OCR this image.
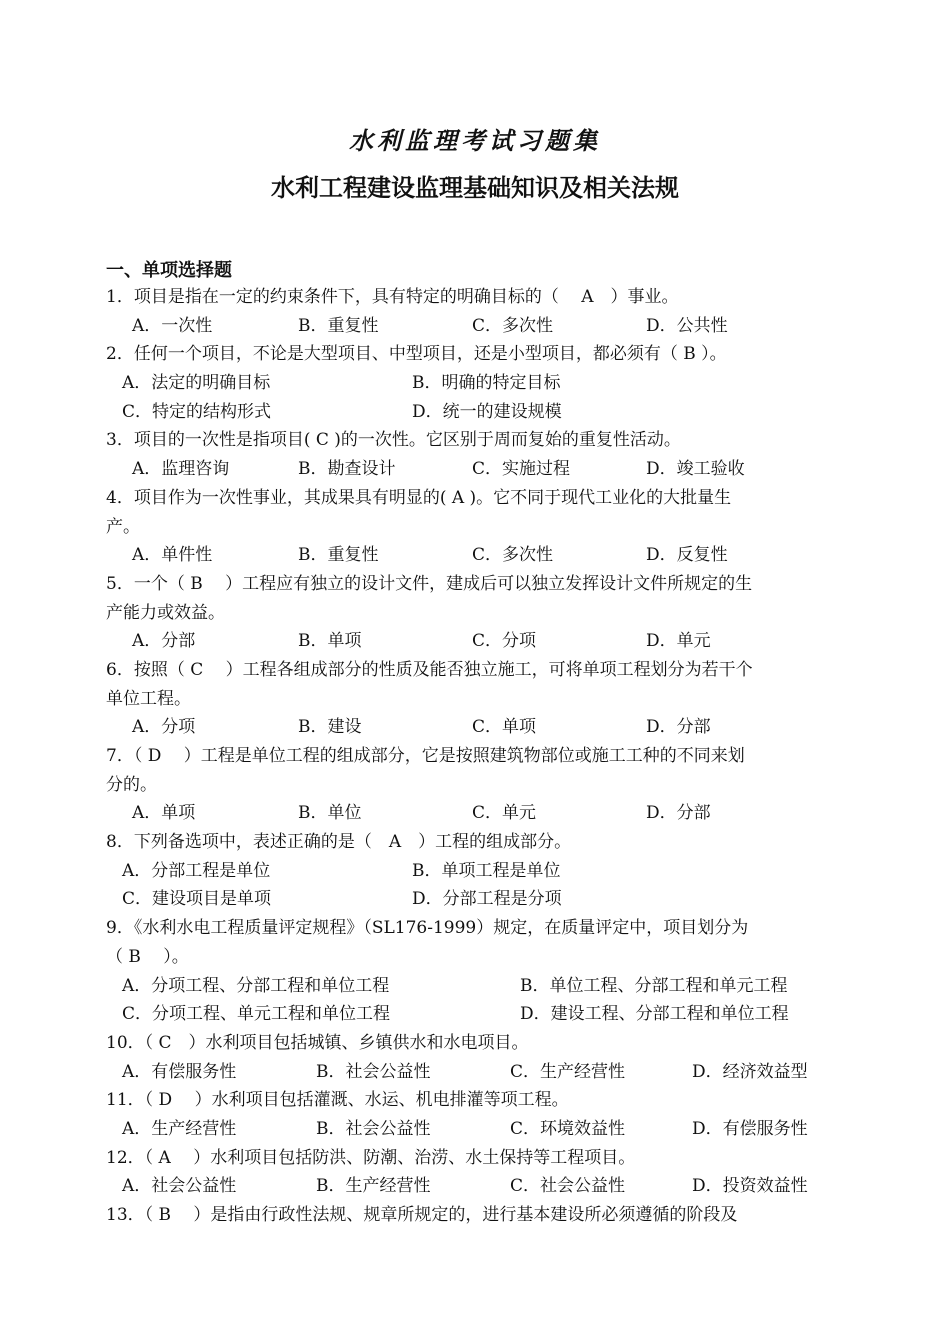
水利监理考试习题集
水利工程建设监理基础知识及相关法规
一、单项选择题
1．项目是指在一定的约束条件下，具有特定的明确目标的（　 A　）事业。
A．一次性	B．重复性	C．多次性	D．公共性
2．任何一个项目，不论是大型项目、中型项目，还是小型项目，都必须有（ B ）。
A．法定的明确目标	B．明确的特定目标
C．特定的结构形式	D．统一的建设规模
3．项目的一次性是指项目( C )的一次性。它区别于周而复始的重复性活动。
A．监理咨询	B．勘查设计	C．实施过程	D．竣工验收
4．项目作为一次性事业，其成果具有明显的( A )。它不同于现代工业化的大批量生
产。
A．单件性	B．重复性	C．多次性	D．反复性
5．一个（ B　 ）工程应有独立的设计文件，建成后可以独立发挥设计文件所规定的生
产能力或效益。
A．分部	B．单项	C．分项	D．单元
6．按照（ C　 ）工程各组成部分的性质及能否独立施工，可将单项工程划分为若干个
单位工程。
A．分项	B．建设	C．单项	D．分部
7．（ D　 ）工程是单位工程的组成部分，它是按照建筑物部位或施工工种的不同来划
分的。
A．单项	B．单位	C．单元	D．分部
8．下列备选项中，表述正确的是（　A　）工程的组成部分。
A．分部工程是单位	B．单项工程是单位
C．建设项目是单项	D．分部工程是分项
9．《水利水电工程质量评定规程》（SL176-1999）规定，在质量评定中，项目划分为
（ B　 ）。
A．分项工程、分部工程和单位工程	B．单位工程、分部工程和单元工程
C．分项工程、单元工程和单位工程	D．建设工程、分部工程和单位工程
10．（ C　）水利项目包括城镇、乡镇供水和水电项目。
A．有偿服务性	B．社会公益性	C．生产经营性	D．经济效益型
11．（ D　 ）水利项目包括灌溉、水运、机电排灌等项工程。
A．生产经营性	B．社会公益性	C．环境效益性	D．有偿服务性
12．（ A　 ）水利项目包括防洪、防潮、治涝、水土保持等工程项目。
A．社会公益性	B．生产经营性	C．社会公益性	D．投资效益性
13．（ B　 ）是指由行政性法规、规章所规定的，进行基本建设所必须遵循的阶段及
